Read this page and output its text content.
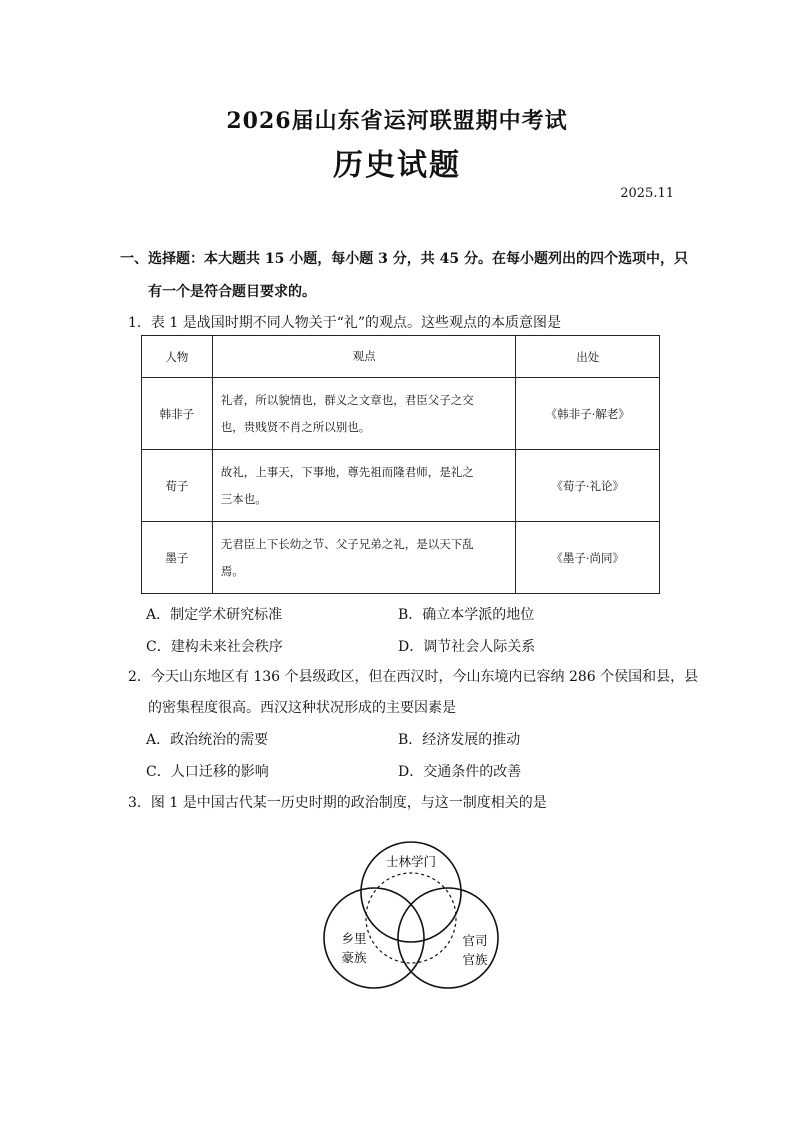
2026届山东省运河联盟期中考试
历史试题
2025.11
一、选择题：本大题共 15 小题，每小题 3 分，共 45 分。在每小题列出的四个选项中，只
有一个是符合题目要求的。
1．表 1 是战国时期不同人物关于“礼”的观点。这些观点的本质意图是
人物	观点	出处
韩非子	礼者，所以貌情也，群义之文章也，君臣父子之交
也，贵贱贤不肖之所以别也。	《韩非子·解老》
荀子	故礼，上事天，下事地，尊先祖而隆君师，是礼之
三本也。	《荀子·礼论》
墨子	无君臣上下长幼之节、父子兄弟之礼，是以天下乱
焉。	《墨子·尚同》
A．制定学术研究标准	B．确立本学派的地位
C．建构未来社会秩序	D．调节社会人际关系
2．今天山东地区有 136 个县级政区，但在西汉时，今山东境内已容纳 286 个侯国和县，县
的密集程度很高。西汉这种状况形成的主要因素是
A．政治统治的需要	B．经济发展的推动
C．人口迁移的影响	D．交通条件的改善
3．图 1 是中国古代某一历史时期的政治制度，与这一制度相关的是
士林学门
乡里
豪族
官司
官族
